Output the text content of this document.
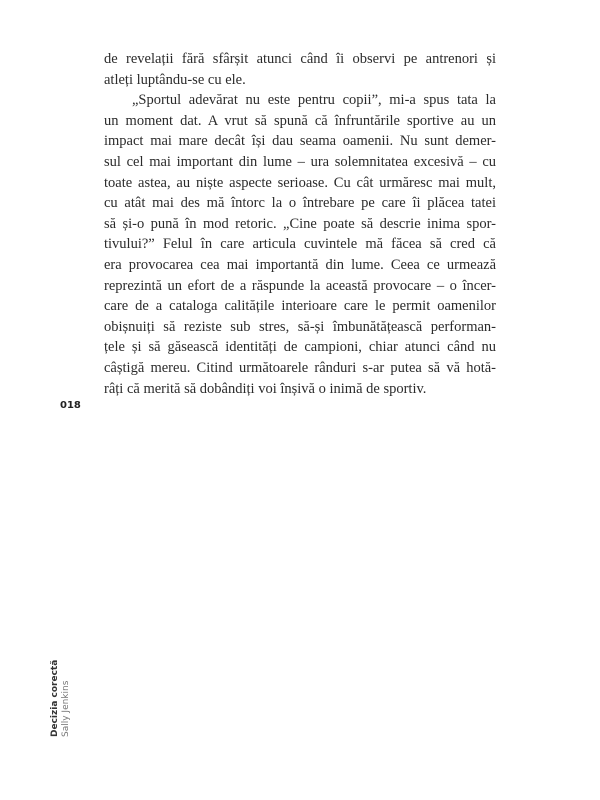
de revelații fără sfârșit atunci când îi observi pe antrenori și
atleți luptându-se cu ele.
„Sportul adevărat nu este pentru copii”, mi-a spus tata la
un moment dat. A vrut să spună că înfruntările sportive au un
impact mai mare decât își dau seama oamenii. Nu sunt demer-
sul cel mai important din lume – ura solemnitatea excesivă – cu
toate astea, au niște aspecte serioase. Cu cât urmăresc mai mult,
cu atât mai des mă întorc la o întrebare pe care îi plăcea tatei
să și-o pună în mod retoric. „Cine poate să descrie inima spor-
tivului?” Felul în care articula cuvintele mă făcea să cred că
era provocarea cea mai importantă din lume. Ceea ce urmează
reprezintă un efort de a răspunde la această provocare – o încer-
care de a cataloga calitățile interioare care le permit oamenilor
obișnuiți să reziste sub stres, să-și îmbunătățească performan-
țele și să găsească identități de campioni, chiar atunci când nu
câștigă mereu. Citind următoarele rânduri s-ar putea să vă hotă-
râți că merită să dobândiți voi înșivă o inimă de sportiv.
018
Decizia corectă Sally Jenkins
